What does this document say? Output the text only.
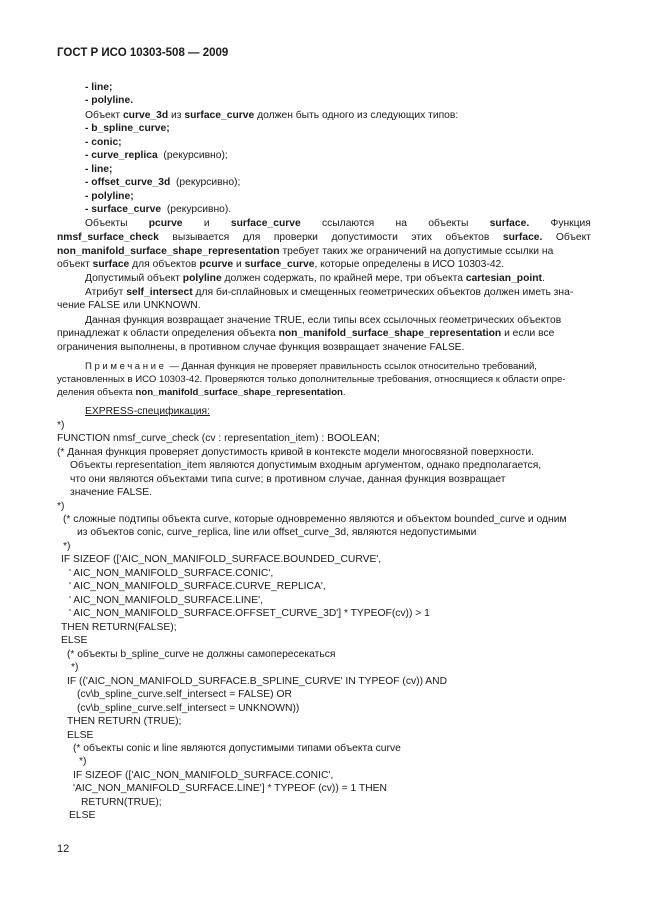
ГОСТ Р ИСО 10303-508 — 2009
- line;
- polyline.
Объект curve_3d из surface_curve должен быть одного из следующих типов:
- b_spline_curve;
- conic;
- curve_replica  (рекурсивно);
- line;
- offset_curve_3d  (рекурсивно);
- polyline;
- surface_curve  (рекурсивно).
Объекты pcurve и surface_curve ссылаются на объекты surface. Функция
nmsf_surface_check вызывается для проверки допустимости этих объектов surface. Объект
non_manifold_surface_shape_representation требует таких же ограничений на допустимые ссылки на
объект surface для объектов pcurve и surface_curve, которые определены в ИСО 10303-42.
Допустимый объект polyline должен содержать, по крайней мере, три объекта cartesian_point.
Атрибут self_intersect для би-сплайновых и смещенных геометрических объектов должен иметь зна-
чение FALSE или UNKNOWN.
Данная функция возвращает значение TRUE, если типы всех ссылочных геометрических объектов
принадлежат к области определения объекта non_manifold_surface_shape_representation и если все
ограничения выполнены, в противном случае функция возвращает значение FALSE.
Примечание — Данная функция не проверяет правильность ссылок относительно требований,
установленных в ИСО 10303-42. Проверяются только дополнительные требования, относящиеся к области опре-
деления объекта non_manifold_surface_shape_representation.
EXPRESS-спецификация:
*)
FUNCTION nmsf_curve_check (cv : representation_item) : BOOLEAN;
(* Данная функция проверяет допустимость кривой в контексте модели многосвязной поверхности.
Объекты representation_item являются допустимым входным аргументом, однако предполагается,
что они являются объектами типа curve; в противном случае, данная функция возвращает
значение FALSE.
*)
(* сложные подтипы объекта curve, которые одновременно являются и объектом bounded_curve и одним
из объектов conic, curve_replica, line или offset_curve_3d, являются недопустимыми
*)
IF SIZEOF (['AIC_NON_MANIFOLD_SURFACE.BOUNDED_CURVE',
' AIC_NON_MANIFOLD_SURFACE.CONIC',
' AIC_NON_MANIFOLD_SURFACE.CURVE_REPLICA',
' AIC_NON_MANIFOLD_SURFACE.LINE',
' AIC_NON_MANIFOLD_SURFACE.OFFSET_CURVE_3D'] * TYPEOF(cv)) > 1
THEN RETURN(FALSE);
ELSE
(* объекты b_spline_curve не должны самопересекаться
*)
IF (('AIC_NON_MANIFOLD_SURFACE.B_SPLINE_CURVE' IN TYPEOF (cv)) AND
(cv\b_spline_curve.self_intersect = FALSE) OR
(cv\b_spline_curve.self_intersect = UNKNOWN))
THEN RETURN (TRUE);
ELSE
(* объекты conic и line являются допустимыми типами объекта curve
*)
IF SIZEOF (['AIC_NON_MANIFOLD_SURFACE.CONIC',
'AIC_NON_MANIFOLD_SURFACE.LINE'] * TYPEOF (cv)) = 1 THEN
RETURN(TRUE);
ELSE
12
